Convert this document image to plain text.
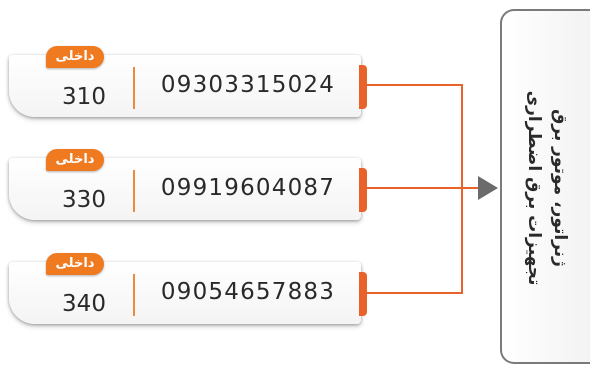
داخلی
310	09303315024
داخلی
330	09919604087
داخلی
340	09054657883
ژنراتور، موتور برق
تجهیزات برق اضطراری
